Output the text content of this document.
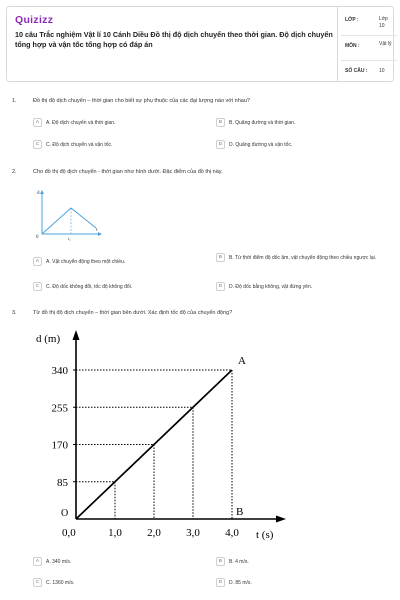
Quizizz
10 câu Trắc nghiệm Vật lí 10 Cánh Diều Đồ thị độ dịch chuyển theo thời gian. Độ dịch chuyển tổng hợp và vận tốc tổng hợp có đáp án
LỚP :	Lớp 10
MÔN :	Vật lý
SỐ CÂU : 10
1.	Đồ thị độ dịch chuyển – thời gian cho biết sự phụ thuộc của các đại lượng nào với nhau?
A	A. Độ dịch chuyển và thời gian.	B	B. Quãng đường và thời gian.
C	C. Độ dịch chuyển và vận tốc.	D	D. Quãng đường và vận tốc.
2.	Cho đồ thị độ dịch chuyển - thời gian như hình dưới. Đặc điểm của đồ thị này.
d
t
0	t₁
A	A. Vật chuyển động theo một chiều.
B	B. Từ thời điểm độ dốc âm, vật chuyển động theo chiều ngược lại.
C	C. Độ dốc không đổi, tốc độ không đổi.	D	D. Độ dốc bằng không, vật đứng yên.
3.	Từ đồ thị độ dịch chuyển – thời gian bên dưới. Xác định tốc độ của chuyển động?
d (m)
t (s)
O
85
170
255
340
0,0	1,0 2,0 3,0 4,0
A
B
A	A. 340 m/s.	B	B. 4 m/s.
C	C. 1360 m/s.	D	D. 85 m/s.
